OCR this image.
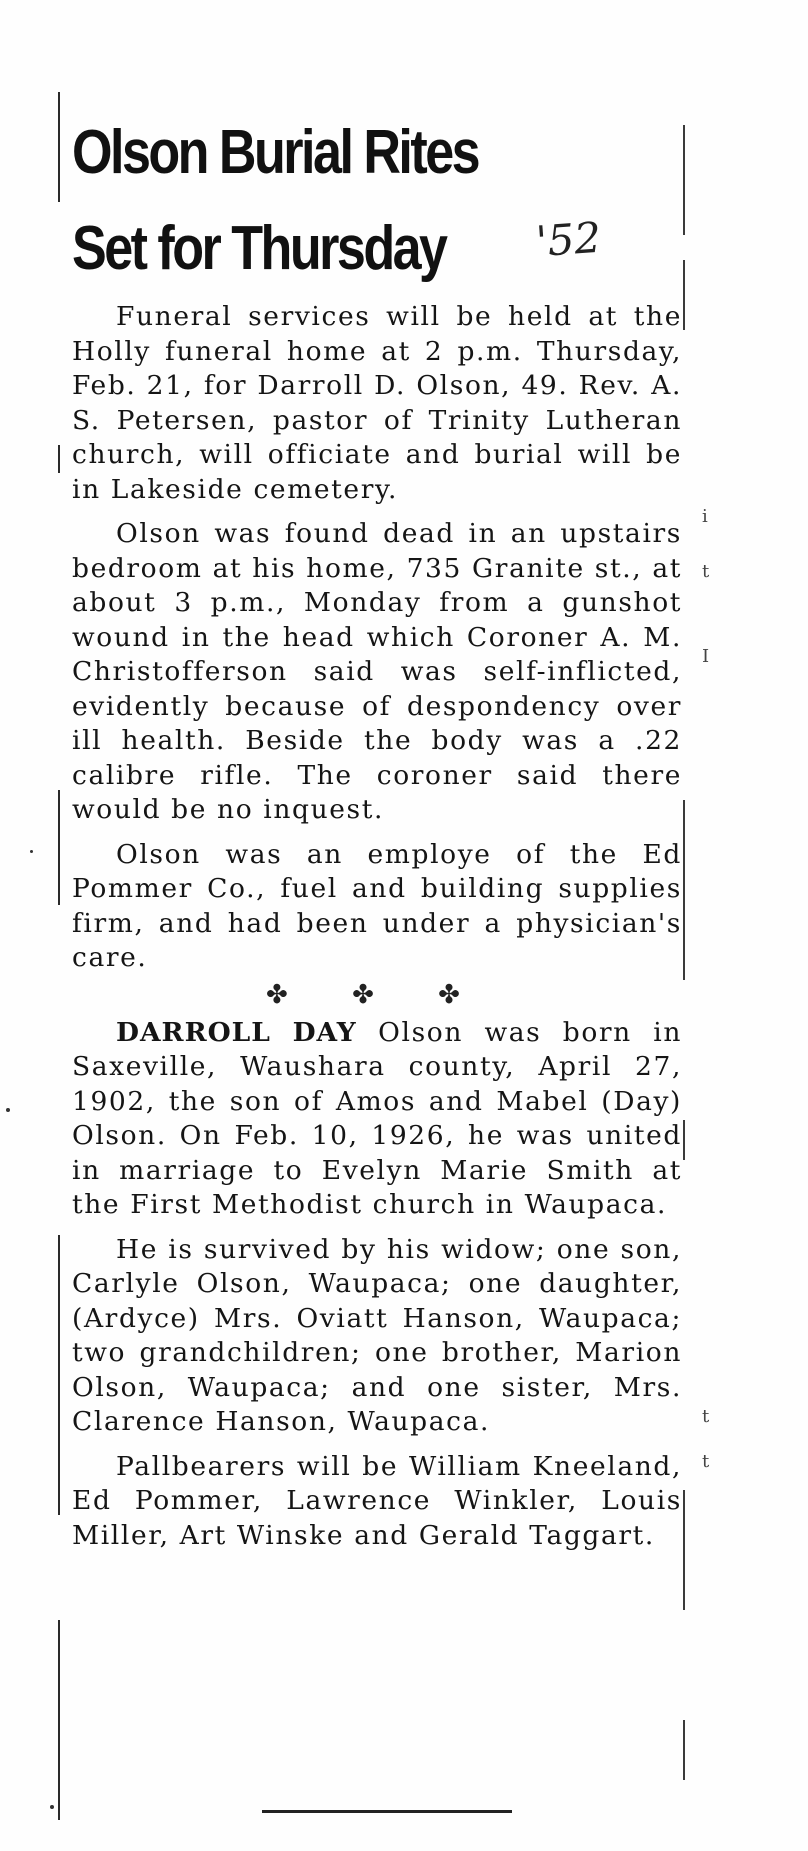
Olson Burial Rites
Set for Thursday	'52

Funeral services will be held at the Holly funeral home at 2 p.m. Thursday, Feb. 21, for Darroll D. Olson, 49. Rev. A. S. Petersen, pastor of Trinity Lutheran church, will officiate and burial will be in Lakeside cemetery.

Olson was found dead in an upstairs bedroom at his home, 735 Granite st., at about 3 p.m., Monday from a gunshot wound in the head which Coroner A. M. Christofferson said was self-inflicted, evidently because of despondency over ill health. Beside the body was a .22 calibre rifle. The coroner said there would be no inquest.

Olson was an employe of the Ed Pommer Co., fuel and building supplies firm, and had been under a physician's care.

✤ ✤ ✤

DARROLL DAY Olson was born in Saxeville, Waushara county, April 27, 1902, the son of Amos and Mabel (Day) Olson. On Feb. 10, 1926, he was united in marriage to Evelyn Marie Smith at the First Methodist church in Waupaca.

He is survived by his widow; one son, Carlyle Olson, Waupaca; one daughter, (Ardyce) Mrs. Oviatt Hanson, Waupaca; two grandchildren; one brother, Marion Olson, Waupaca; and one sister, Mrs. Clarence Hanson, Waupaca.

Pallbearers will be William Kneeland, Ed Pommer, Lawrence Winkler, Louis Miller, Art Winske and Gerald Taggart.

i
t
I
t
t
